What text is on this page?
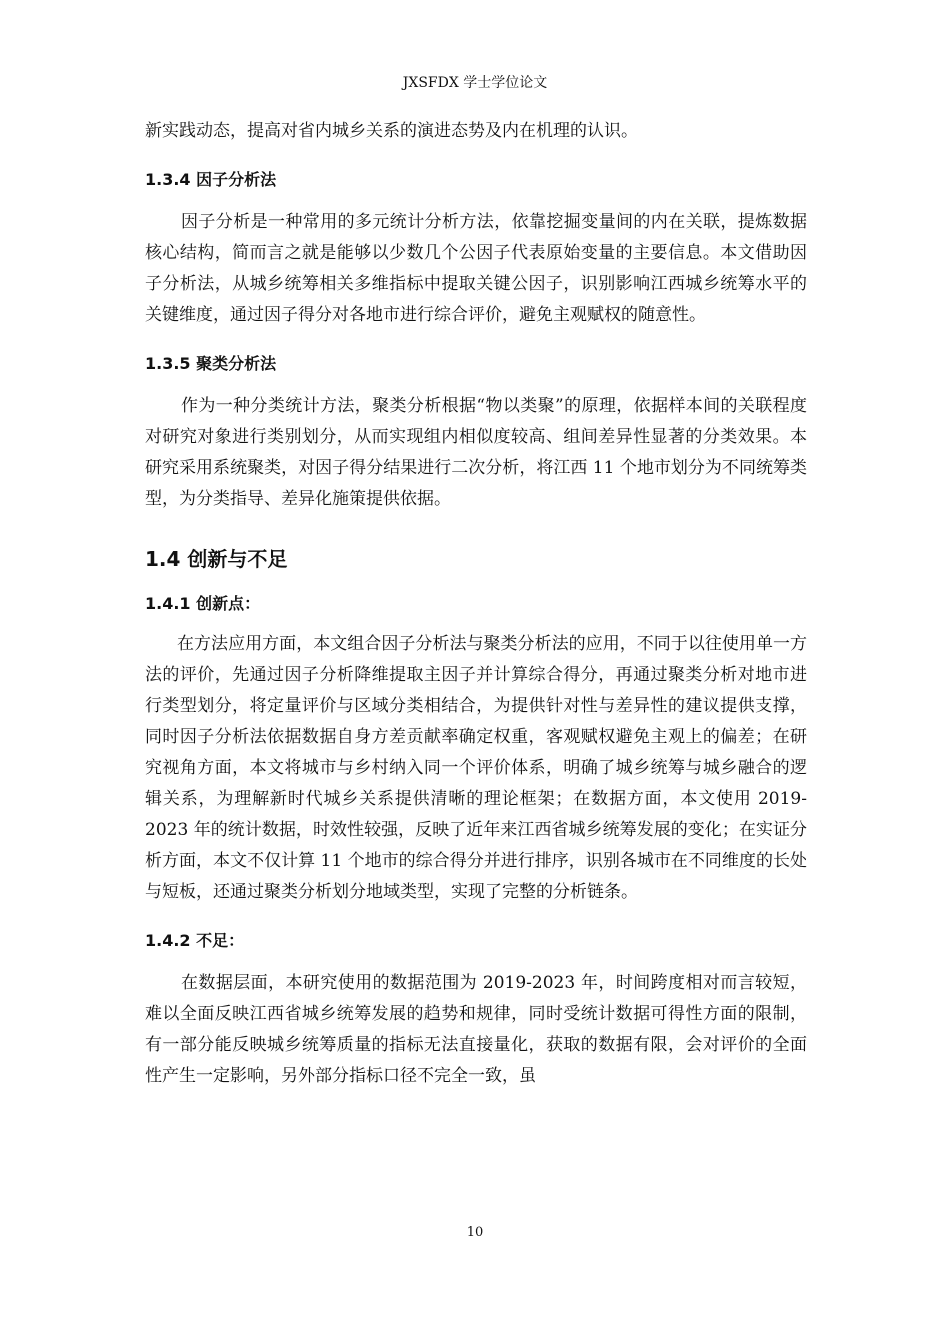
JXSFDX 学士学位论文

新实践动态，提高对省内城乡关系的演进态势及内在机理的认识。

1.3.4 因子分析法

因子分析是一种常用的多元统计分析方法，依靠挖掘变量间的内在关联，提炼数据核心结构，简而言之就是能够以少数几个公因子代表原始变量的主要信息。本文借助因子分析法，从城乡统筹相关多维指标中提取关键公因子，识别影响江西城乡统筹水平的关键维度，通过因子得分对各地市进行综合评价，避免主观赋权的随意性。

1.3.5 聚类分析法

作为一种分类统计方法，聚类分析根据“物以类聚”的原理，依据样本间的关联程度对研究对象进行类别划分，从而实现组内相似度较高、组间差异性显著的分类效果。本研究采用系统聚类，对因子得分结果进行二次分析，将江西 11 个地市划分为不同统筹类型，为分类指导、差异化施策提供依据。

1.4 创新与不足
1.4.1 创新点：

在方法应用方面，本文组合因子分析法与聚类分析法的应用，不同于以往使用单一方法的评价，先通过因子分析降维提取主因子并计算综合得分，再通过聚类分析对地市进行类型划分，将定量评价与区域分类相结合，为提供针对性与差异性的建议提供支撑，同时因子分析法依据数据自身方差贡献率确定权重，客观赋权避免主观上的偏差；在研究视角方面，本文将城市与乡村纳入同一个评价体系，明确了城乡统筹与城乡融合的逻辑关系，为理解新时代城乡关系提供清晰的理论框架；在数据方面，本文使用 2019-2023 年的统计数据，时效性较强，反映了近年来江西省城乡统筹发展的变化；在实证分析方面，本文不仅计算 11 个地市的综合得分并进行排序，识别各城市在不同维度的长处与短板，还通过聚类分析划分地域类型，实现了完整的分析链条。

1.4.2 不足：

在数据层面，本研究使用的数据范围为 2019-2023 年，时间跨度相对而言较短，难以全面反映江西省城乡统筹发展的趋势和规律，同时受统计数据可得性方面的限制，有一部分能反映城乡统筹质量的指标无法直接量化，获取的数据有限，会对评价的全面性产生一定影响，另外部分指标口径不完全一致，虽

10
